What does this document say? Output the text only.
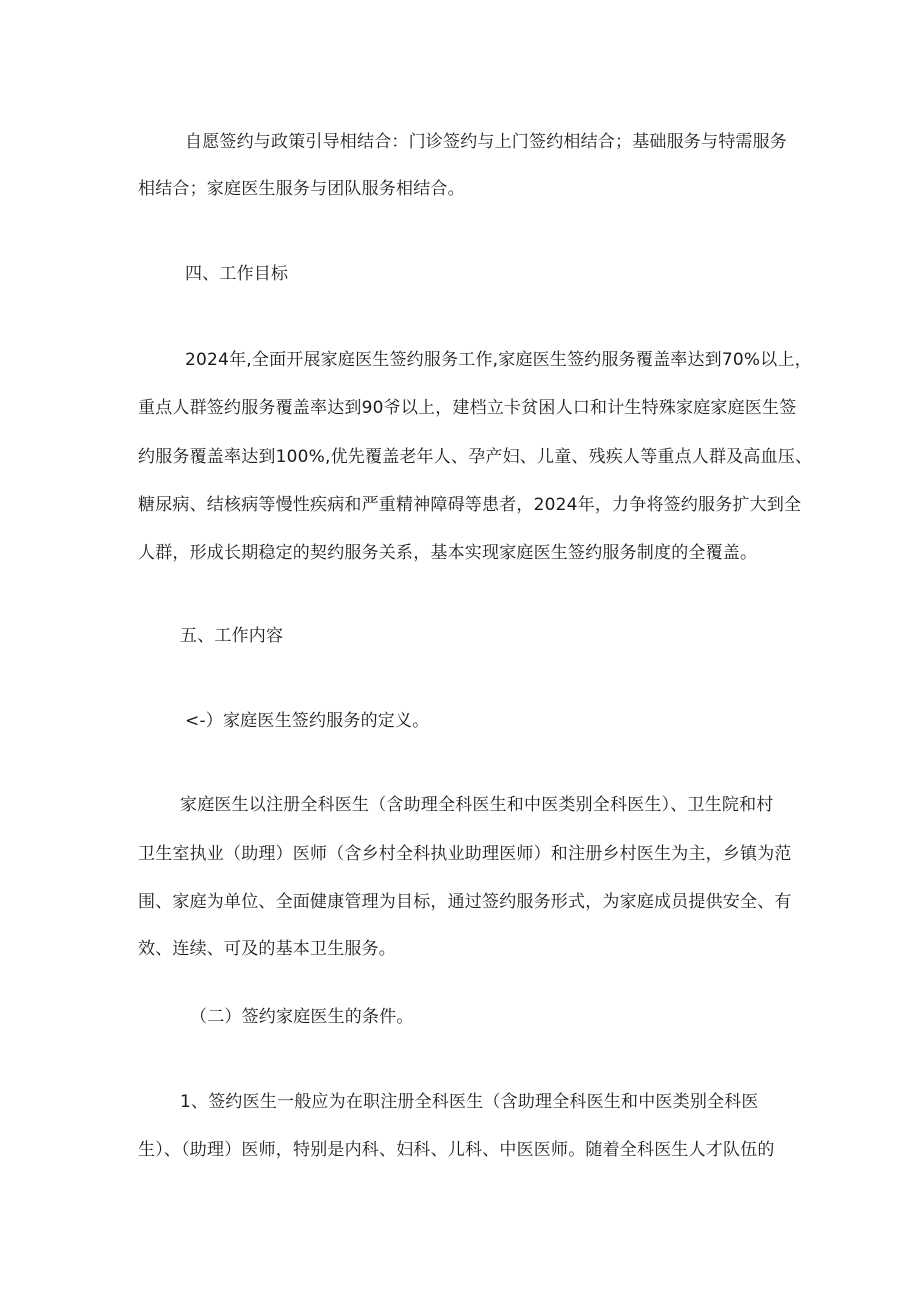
自愿签约与政策引导相结合：门诊签约与上门签约相结合；基础服务与特需服务
相结合；家庭医生服务与团队服务相结合。
四、工作目标
2024年,全面开展家庭医生签约服务工作,家庭医生签约服务覆盖率达到70%以上，
重点人群签约服务覆盖率达到90爷以上，建档立卡贫困人口和计生特殊家庭家庭医生签
约服务覆盖率达到100%,优先覆盖老年人、孕产妇、儿童、残疾人等重点人群及高血压、
糖尿病、结核病等慢性疾病和严重精神障碍等患者，2024年，力争将签约服务扩大到全
人群，形成长期稳定的契约服务关系，基本实现家庭医生签约服务制度的全覆盖。
五、工作内容
<-）家庭医生签约服务的定义。
家庭医生以注册全科医生（含助理全科医生和中医类别全科医生）、卫生院和村
卫生室执业（助理）医师（含乡村全科执业助理医师）和注册乡村医生为主，乡镇为范
围、家庭为单位、全面健康管理为目标，通过签约服务形式，为家庭成员提供安全、有
效、连续、可及的基本卫生服务。
（二）签约家庭医生的条件。
1、签约医生一般应为在职注册全科医生（含助理全科医生和中医类别全科医
生）、（助理）医师，特别是内科、妇科、儿科、中医医师。随着全科医生人才队伍的
